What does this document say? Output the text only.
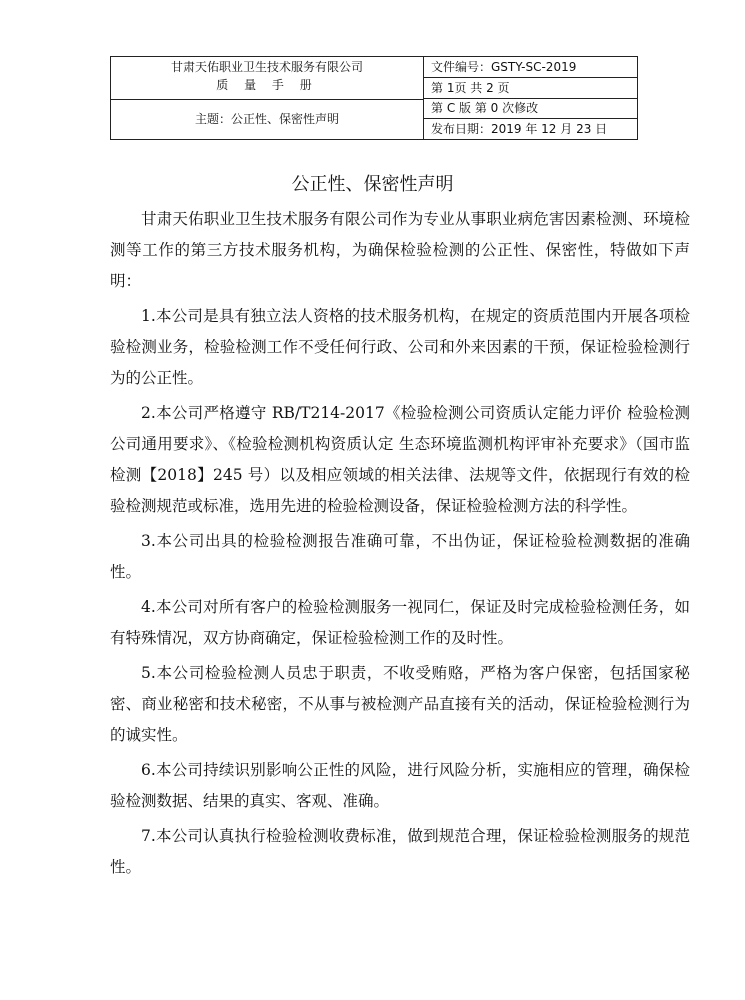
甘肃天佑职业卫生技术服务有限公司
质 量 手 册
主题：公正性、保密性声明
文件编号：GSTY-SC-2019
第 1页 共 2 页
第 C 版 第 0 次修改
发布日期：2019 年 12 月 23 日
公正性、保密性声明

甘肃天佑职业卫生技术服务有限公司作为专业从事职业病危害因素检测、环境检测等工作的第三方技术服务机构，为确保检验检测的公正性、保密性，特做如下声明：

1.本公司是具有独立法人资格的技术服务机构，在规定的资质范围内开展各项检验检测业务，检验检测工作不受任何行政、公司和外来因素的干预，保证检验检测行为的公正性。

2.本公司严格遵守 RB/T214-2017《检验检测公司资质认定能力评价 检验检测公司通用要求》、《检验检测机构资质认定 生态环境监测机构评审补充要求》（国市监检测【2018】245 号）以及相应领域的相关法律、法规等文件，依据现行有效的检验检测规范或标准，选用先进的检验检测设备，保证检验检测方法的科学性。

3.本公司出具的检验检测报告准确可靠，不出伪证，保证检验检测数据的准确性。

4.本公司对所有客户的检验检测服务一视同仁，保证及时完成检验检测任务，如有特殊情况，双方协商确定，保证检验检测工作的及时性。

5.本公司检验检测人员忠于职责，不收受贿赂，严格为客户保密，包括国家秘密、商业秘密和技术秘密，不从事与被检测产品直接有关的活动，保证检验检测行为的诚实性。

6.本公司持续识别影响公正性的风险，进行风险分析，实施相应的管理，确保检验检测数据、结果的真实、客观、准确。

7.本公司认真执行检验检测收费标准，做到规范合理，保证检验检测服务的规范性。
